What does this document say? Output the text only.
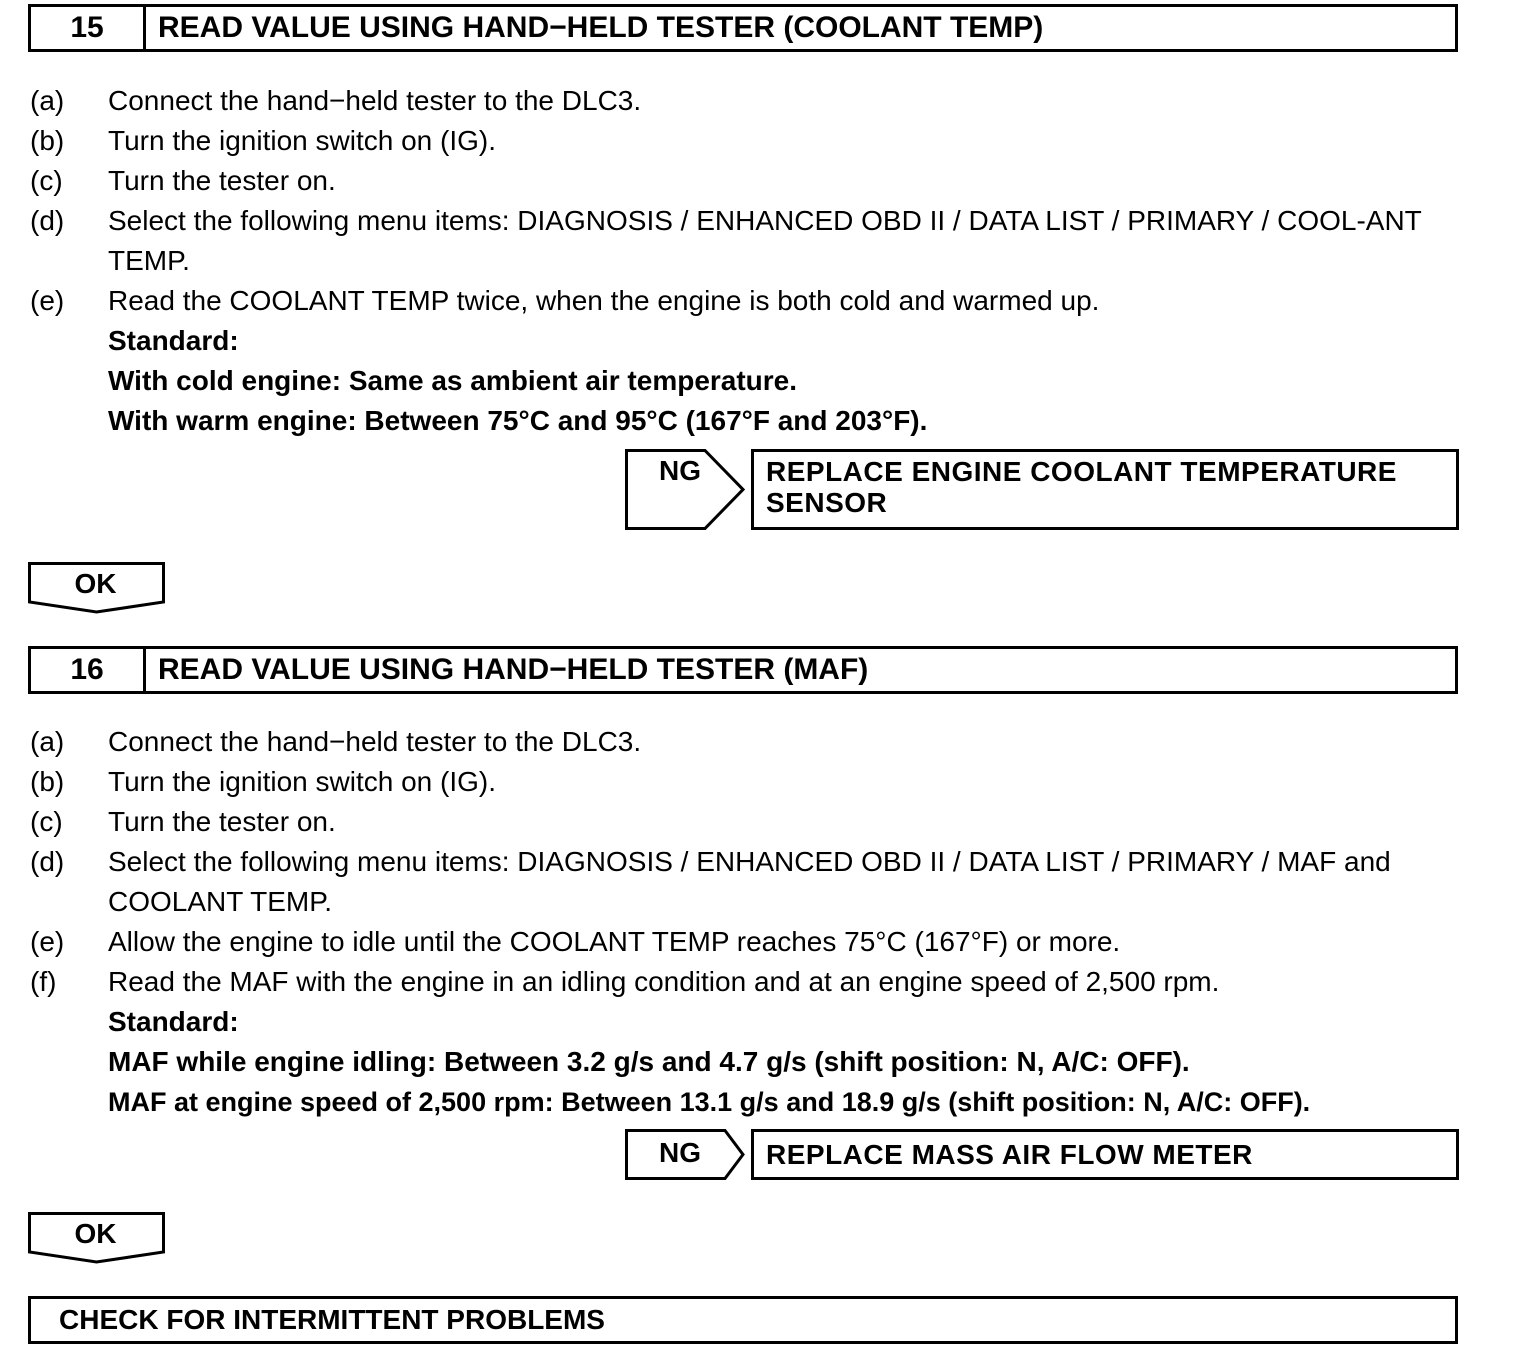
15	READ VALUE USING HAND−HELD TESTER (COOLANT TEMP)
(a)	Connect the hand−held tester to the DLC3.
(b)	Turn the ignition switch on (IG).
(c)	Turn the tester on.
(d)	Select the following menu items: DIAGNOSIS / ENHANCED OBD II / DATA LIST / PRIMARY / COOL-ANT TEMP.
(e)	Read the COOLANT TEMP twice, when the engine is both cold and warmed up.
Standard:
With cold engine: Same as ambient air temperature.
With warm engine: Between 75°C and 95°C (167°F and 203°F).
NG	REPLACE ENGINE COOLANT TEMPERATURE SENSOR
OK
16	READ VALUE USING HAND−HELD TESTER (MAF)
(a)	Connect the hand−held tester to the DLC3.
(b)	Turn the ignition switch on (IG).
(c)	Turn the tester on.
(d)	Select the following menu items: DIAGNOSIS / ENHANCED OBD II / DATA LIST / PRIMARY / MAF and COOLANT TEMP.
(e)	Allow the engine to idle until the COOLANT TEMP reaches 75°C (167°F) or more.
(f)	Read the MAF with the engine in an idling condition and at an engine speed of 2,500 rpm.
Standard:
MAF while engine idling: Between 3.2 g/s and 4.7 g/s (shift position: N, A/C: OFF).
MAF at engine speed of 2,500 rpm: Between 13.1 g/s and 18.9 g/s (shift position: N, A/C: OFF).
NG	REPLACE MASS AIR FLOW METER
OK
CHECK FOR INTERMITTENT PROBLEMS
